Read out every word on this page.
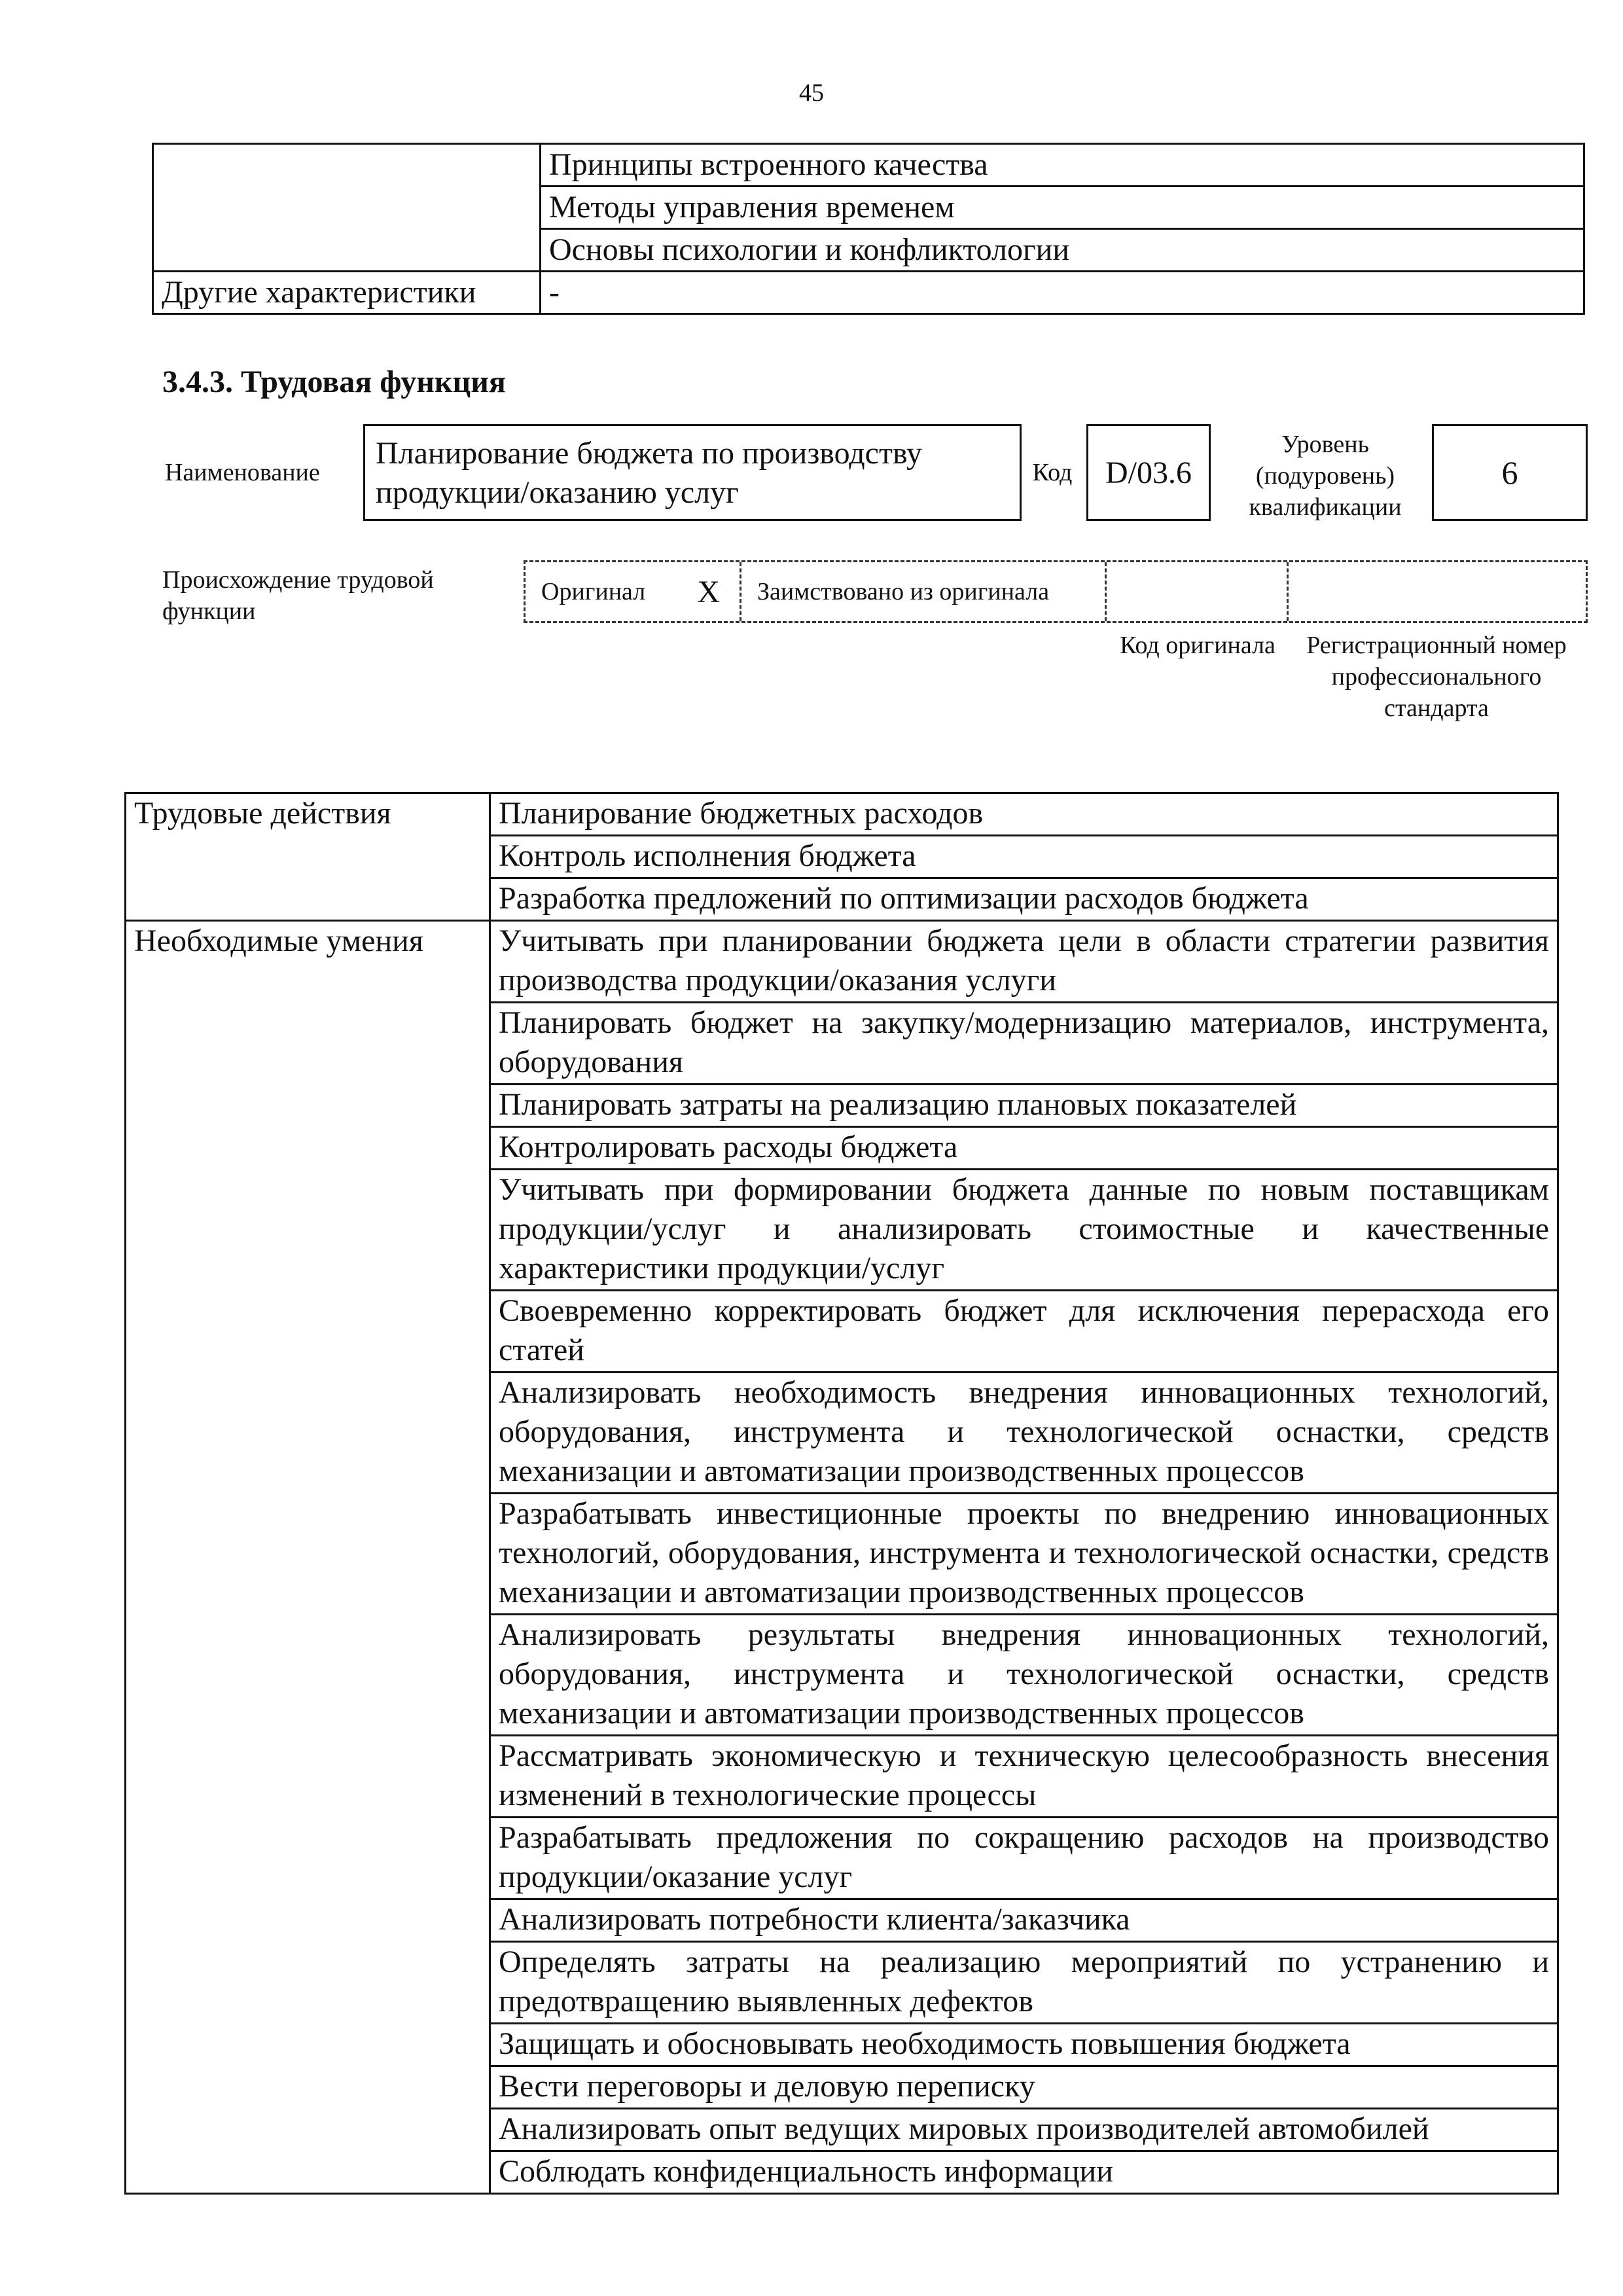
45
	Принципы встроенного качества
	Методы управления временем
	Основы психологии и конфликтологии
Другие характеристики	-
3.4.3. Трудовая функция
Наименование
Планирование бюджета по производству продукции/оказанию услуг
Код	D/03.6
Уровень (подуровень) квалификации
6
Происхождение трудовой функции
Оригинал X Заимствовано из оригинала
Код оригинала Регистрационный номер профессионального стандарта
Трудовые действия	Планирование бюджетных расходов
	Контроль исполнения бюджета
	Разработка предложений по оптимизации расходов бюджета
Необходимые умения	Учитывать при планировании бюджета цели в области стратегии развития производства продукции/оказания услуги
	Планировать бюджет на закупку/модернизацию материалов, инструмента, оборудования
	Планировать затраты на реализацию плановых показателей
	Контролировать расходы бюджета
	Учитывать при формировании бюджета данные по новым поставщикам продукции/услуг и анализировать стоимостные и качественные характеристики продукции/услуг
	Своевременно корректировать бюджет для исключения перерасхода его статей
	Анализировать необходимость внедрения инновационных технологий, оборудования, инструмента и технологической оснастки, средств механизации и автоматизации производственных процессов
	Разрабатывать инвестиционные проекты по внедрению инновационных технологий, оборудования, инструмента и технологической оснастки, средств механизации и автоматизации производственных процессов
	Анализировать результаты внедрения инновационных технологий, оборудования, инструмента и технологической оснастки, средств механизации и автоматизации производственных процессов
	Рассматривать экономическую и техническую целесообразность внесения изменений в технологические процессы
	Разрабатывать предложения по сокращению расходов на производство продукции/оказание услуг
	Анализировать потребности клиента/заказчика
	Определять затраты на реализацию мероприятий по устранению и предотвращению выявленных дефектов
	Защищать и обосновывать необходимость повышения бюджета
	Вести переговоры и деловую переписку
	Анализировать опыт ведущих мировых производителей автомобилей
	Соблюдать конфиденциальность информации
